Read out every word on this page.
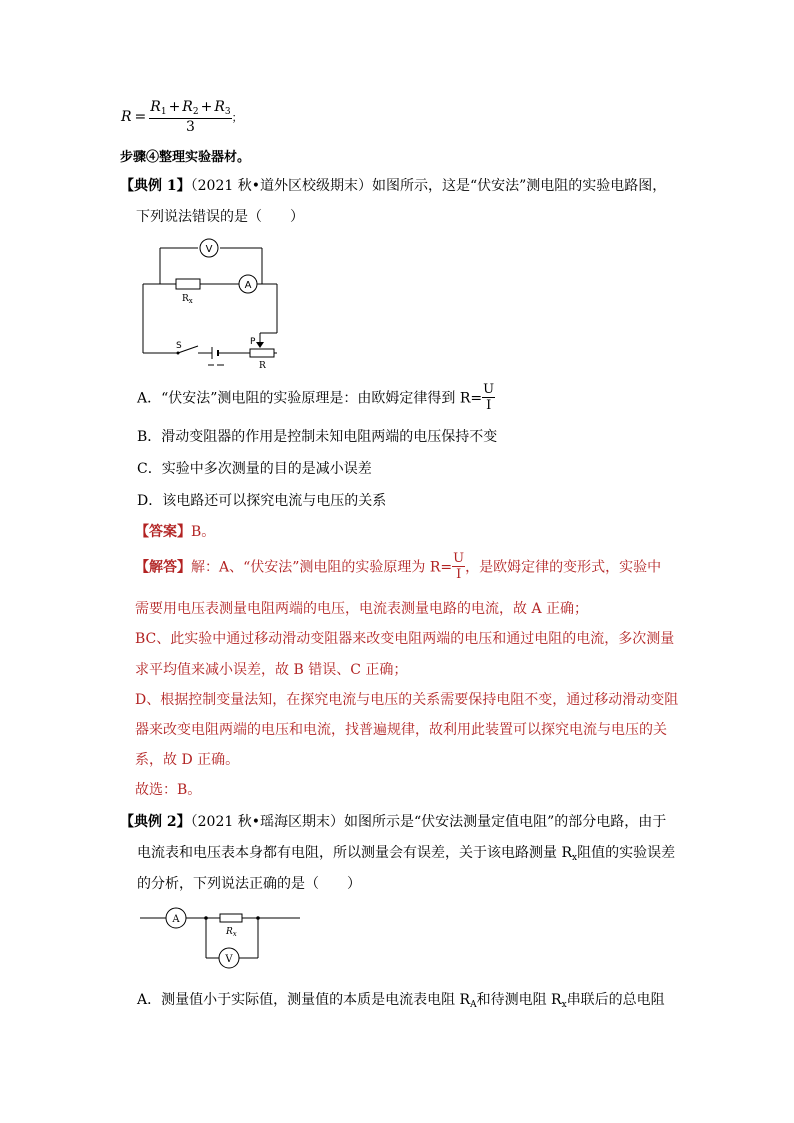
$R = \frac{R_1 + R_2 + R_3}{3}$ ；
步骤④整理实验器材。
【典例 1】（2021 秋•道外区校级期末）如图所示，这是“伏安法”测电阻的实验电路图，
下列说法错误的是（　　）
V
A
$R_x$
S	P
R
A．“伏安法”测电阻的实验原理是：由欧姆定律得到 $R= \frac{U}{I}$
B．滑动变阻器的作用是控制未知电阻两端的电压保持不变
C．实验中多次测量的目的是减小误差
D．该电路还可以探究电流与电压的关系
【答案】B。
【解答】解：A、“伏安法”测电阻的实验原理为 $R= \frac{U}{I}$ ，是欧姆定律的变形式，实验中
需要用电压表测量电阻两端的电压，电流表测量电路的电流，故 A 正确；
BC、此实验中通过移动滑动变阻器来改变电阻两端的电压和通过电阻的电流，多次测量
求平均值来减小误差，故 B 错误、C 正确；
D、根据控制变量法知，在探究电流与电压的关系需要保持电阻不变，通过移动滑动变阻
器来改变电阻两端的电压和电流，找普遍规律，故利用此装置可以探究电流与电压的关
系，故 D 正确。
故选：B。
【典例 2】（2021 秋•瑶海区期末）如图所示是“伏安法测量定值电阻”的部分电路，由于
电流表和电压表本身都有电阻，所以测量会有误差，关于该电路测量 $R_x$阻值的实验误差
的分析，下列说法正确的是（　　）
A
V
$R_x$
A．测量值小于实际值，测量值的本质是电流表电阻 $R_A$和待测电阻 $R_x$串联后的总电阻
